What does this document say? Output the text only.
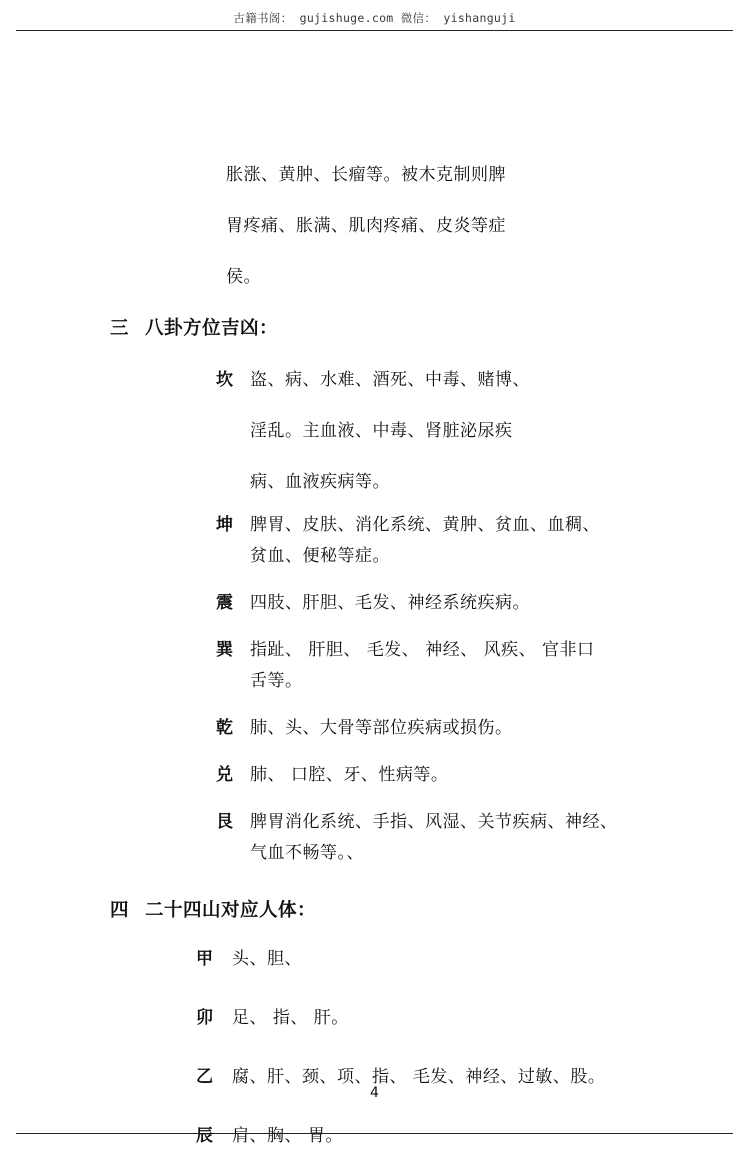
古籍书阁： gujishuge.com 微信： yishanguji
胀涨、黄肿、长瘤等。被木克制则脾
胃疼痛、胀满、肌肉疼痛、皮炎等症
侯。
三 八卦方位吉凶：
坎 盗、病、水难、酒死、中毒、赌博、
淫乱。主血液、中毒、肾脏泌尿疾
病、血液疾病等。
坤 脾胃、皮肤、消化系统、黄肿、贫血、血稠、
贫血、便秘等症。
震 四肢、肝胆、毛发、神经系统疾病。
巽 指趾、 肝胆、 毛发、 神经、 风疾、 官非口
舌等。
乾 肺、头、大骨等部位疾病或损伤。
兑 肺、 口腔、牙、性病等。
艮 脾胃消化系统、手指、风湿、关节疾病、神经、
气血不畅等。、
四 二十四山对应人体：
甲	头、胆、
卯	足、 指、 肝。
乙	腐、肝、颈、项、指、 毛发、神经、过敏、股。
辰	肩、胸、 胃。
4
